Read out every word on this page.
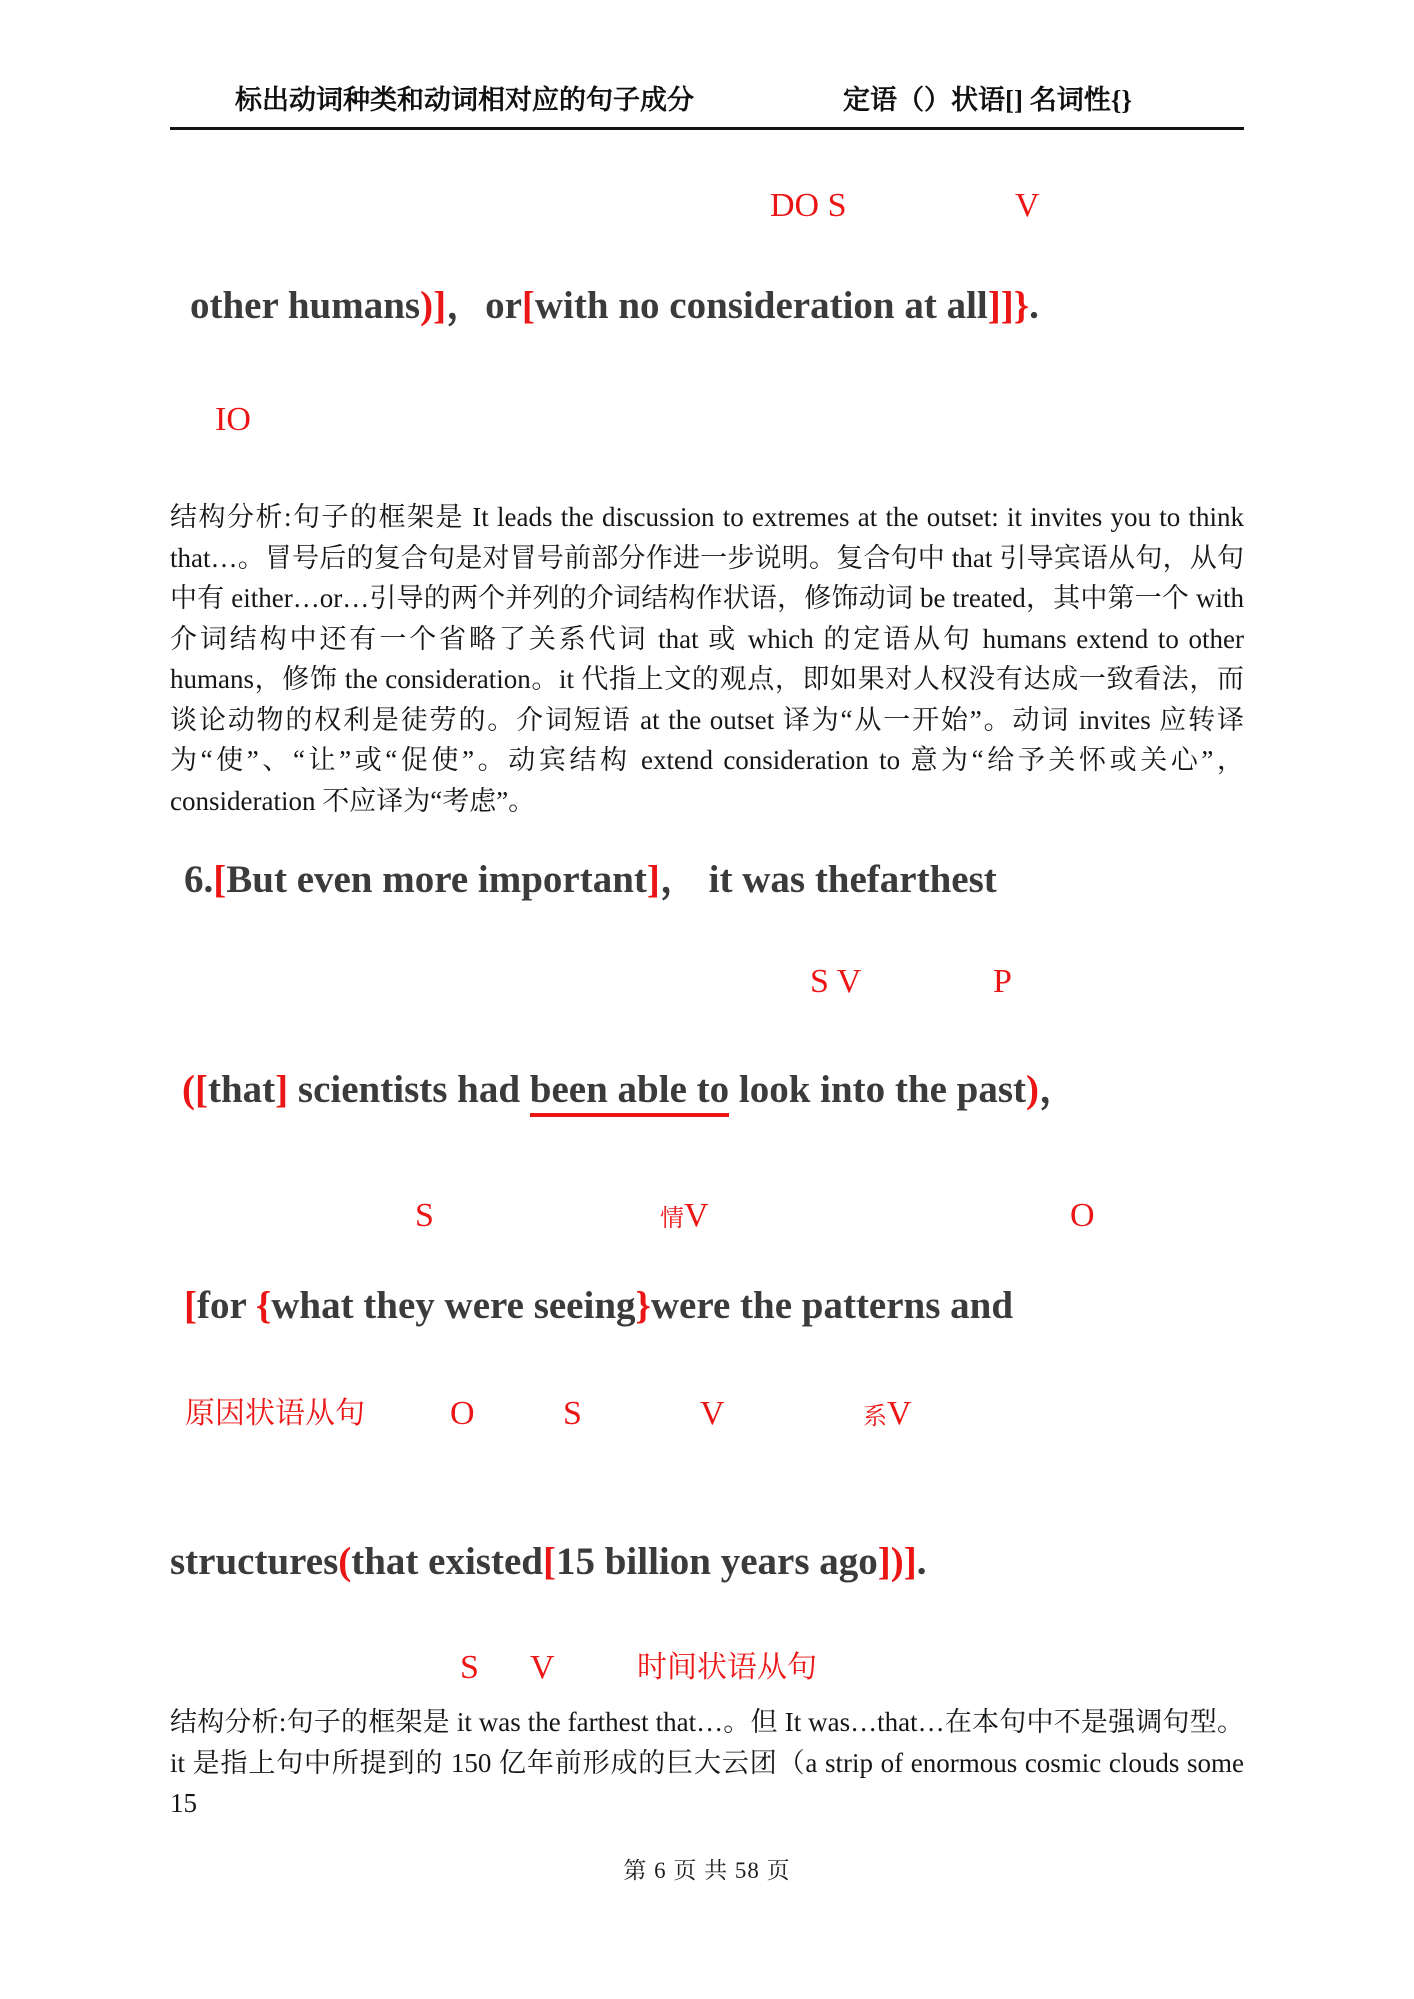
标出动词种类和动词相对应的句子成分	定语（）状语[] 名词性{}
DO S	V
other humans)]，or[with no consideration at all]]}.
IO

结构分析:句子的框架是 It leads the discussion to extremes at the outset: it invites you to think that…。冒号后的复合句是对冒号前部分作进一步说明。复合句中 that 引导宾语从句，从句中有 either…or…引导的两个并列的介词结构作状语，修饰动词 be treated，其中第一个 with 介词结构中还有一个省略了关系代词 that 或 which 的定语从句 humans extend to other humans，修饰 the consideration。it 代指上文的观点，即如果对人权没有达成一致看法，而谈论动物的权利是徒劳的。介词短语 at the outset 译为“从一开始”。动词 invites 应转译为“使”、“让”或“促使”。动宾结构 extend consideration to 意为“给予关怀或关心”，consideration 不应译为“考虑”。

6.[But even more important]， it was thefarthest
S V	P
([that] scientists had been able to look into the past)，
S	情V	O
[for {what they were seeing}were the patterns and
原因状语从句	O	S	V	系V
structures(that existed[15 billion years ago])].
S V	时间状语从句

结构分析:句子的框架是 it was the farthest that…。但 It was…that…在本句中不是强调句型。it 是指上句中所提到的 150 亿年前形成的巨大云团（a strip of enormous cosmic clouds some 15

第 6 页 共 58 页
